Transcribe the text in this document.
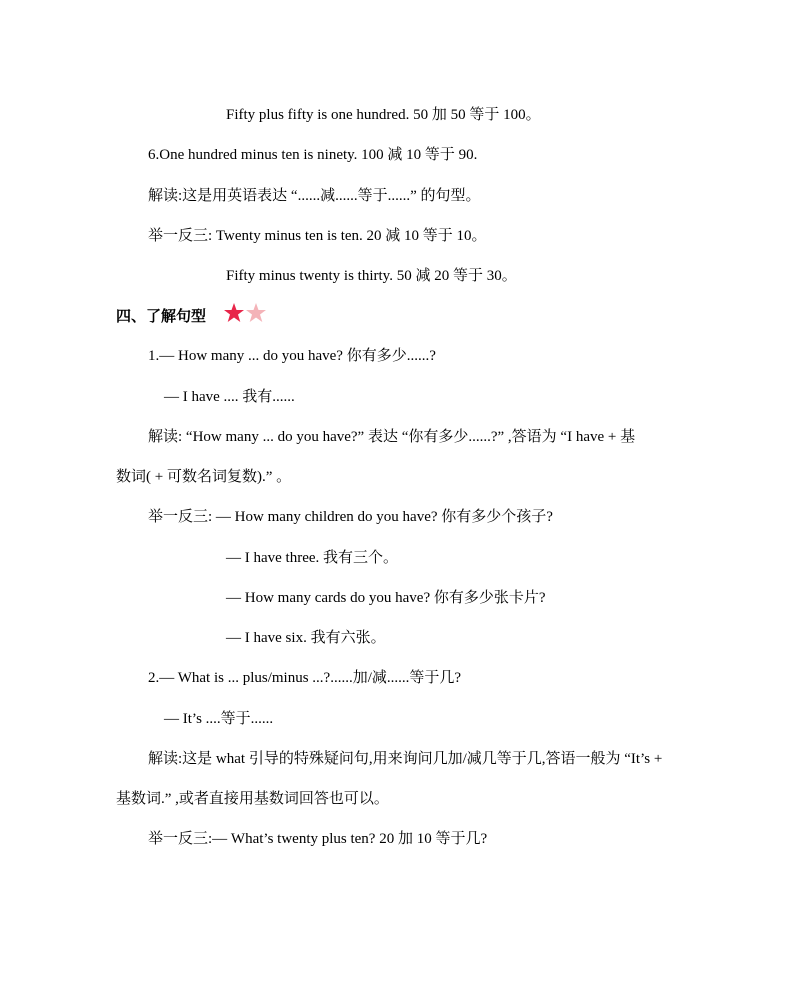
Fifty plus fifty is one hundred. 50 加 50 等于 100。
6.One hundred minus ten is ninety. 100 减 10 等于 90.
解读:这是用英语表达 “......减......等于......” 的句型。
举一反三: Twenty minus ten is ten. 20 减 10 等于 10。
Fifty minus twenty is thirty. 50 减 20 等于 30。
四、了解句型
1.— How many ... do you have? 你有多少......?
— I have .... 我有......
解读: “How many ... do you have?” 表达 “你有多少......?” ,答语为 “I have + 基
数词( + 可数名词复数).” 。
举一反三: — How many children do you have? 你有多少个孩子?
— I have three. 我有三个。
— How many cards do you have? 你有多少张卡片?
— I have six. 我有六张。
2.— What is ... plus/minus ...?......加/减......等于几?
— It’s ....等于......
解读:这是 what 引导的特殊疑问句,用来询问几加/减几等于几,答语一般为 “It’s +
基数词.” ,或者直接用基数词回答也可以。
举一反三:— What’s twenty plus ten? 20 加 10 等于几?
